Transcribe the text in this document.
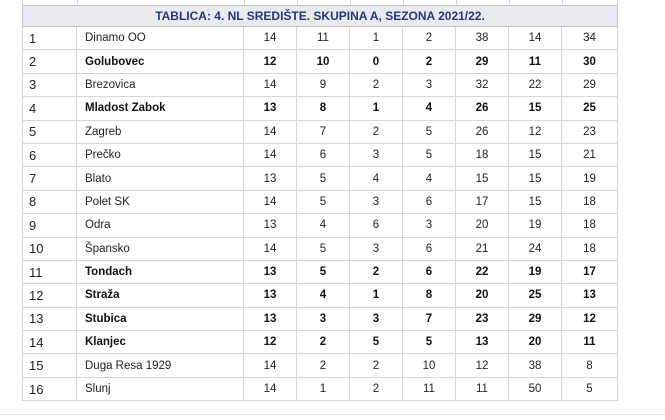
TABLICA: 4. NL SREDIŠTE. SKUPINA A, SEZONA 2021/22.								
1	Dinamo OO	14	11	1	2	38	14	34
2	Golubovec	12	10	0	2	29	11	30
3	Brezovica	14	9	2	3	32	22	29
4	Mladost Zabok	13	8	1	4	26	15	25
5	Zagreb	14	7	2	5	26	12	23
6	Prečko	14	6	3	5	18	15	21
7	Blato	13	5	4	4	15	15	19
8	Polet SK	14	5	3	6	17	15	18
9	Odra	13	4	6	3	20	19	18
10	Špansko	14	5	3	6	21	24	18
11	Tondach	13	5	2	6	22	19	17
12	Straža	13	4	1	8	20	25	13
13	Stubica	13	3	3	7	23	29	12
14	Klanjec	12	2	5	5	13	20	11
15	Duga Resa 1929	14	2	2	10	12	38	8
16	Slunj	14	1	2	11	11	50	5
